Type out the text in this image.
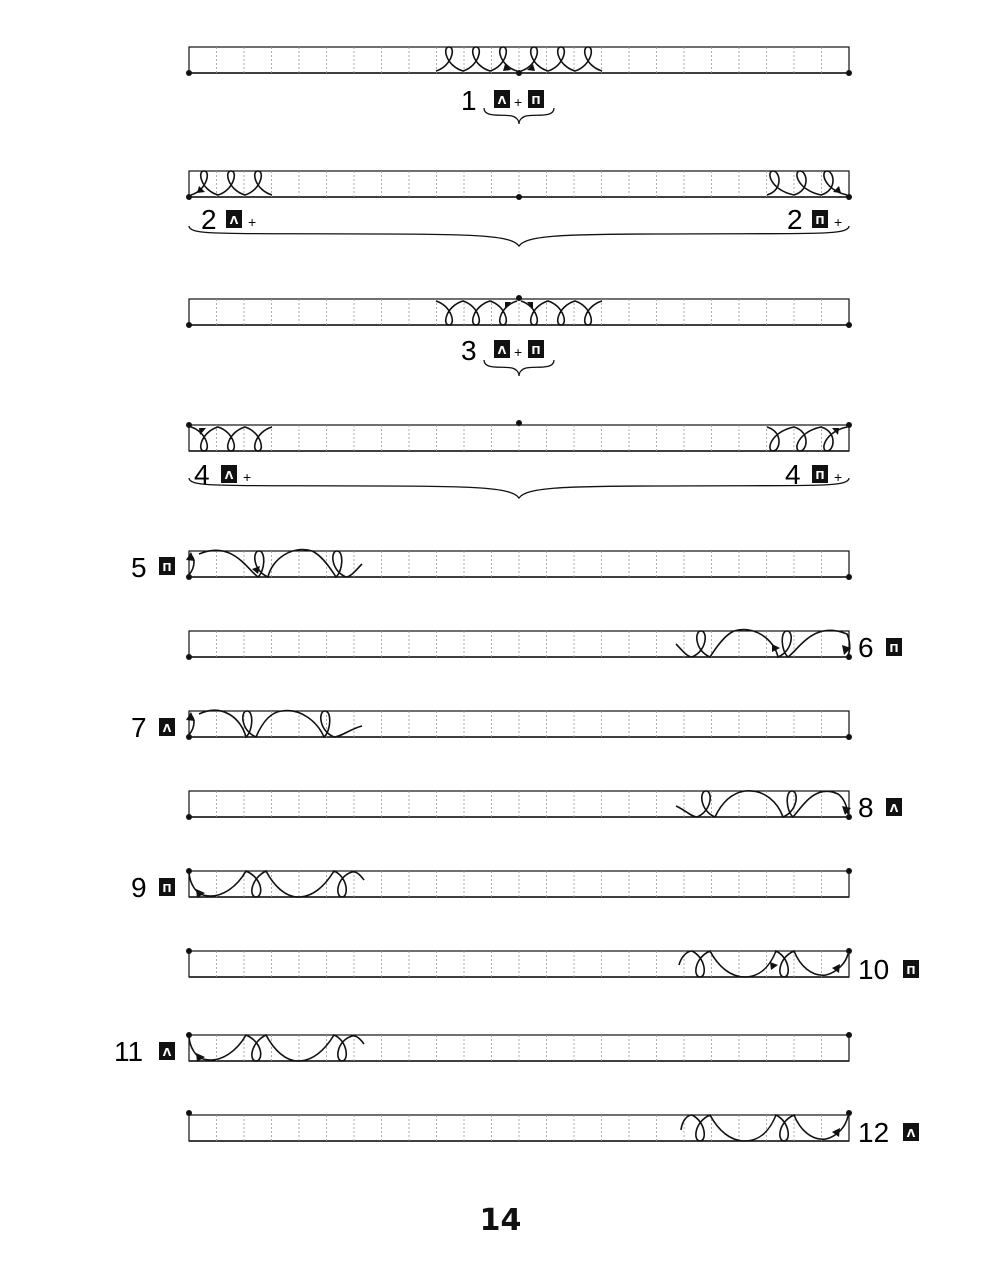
1 Λ + Π
2 Λ +	2 Π +
3 Λ + Π
4 Λ +	4 Π +
5 Π
6 Π
7 Λ
8 Λ
9 Π
10 Π
11 Λ
12 Λ
14
